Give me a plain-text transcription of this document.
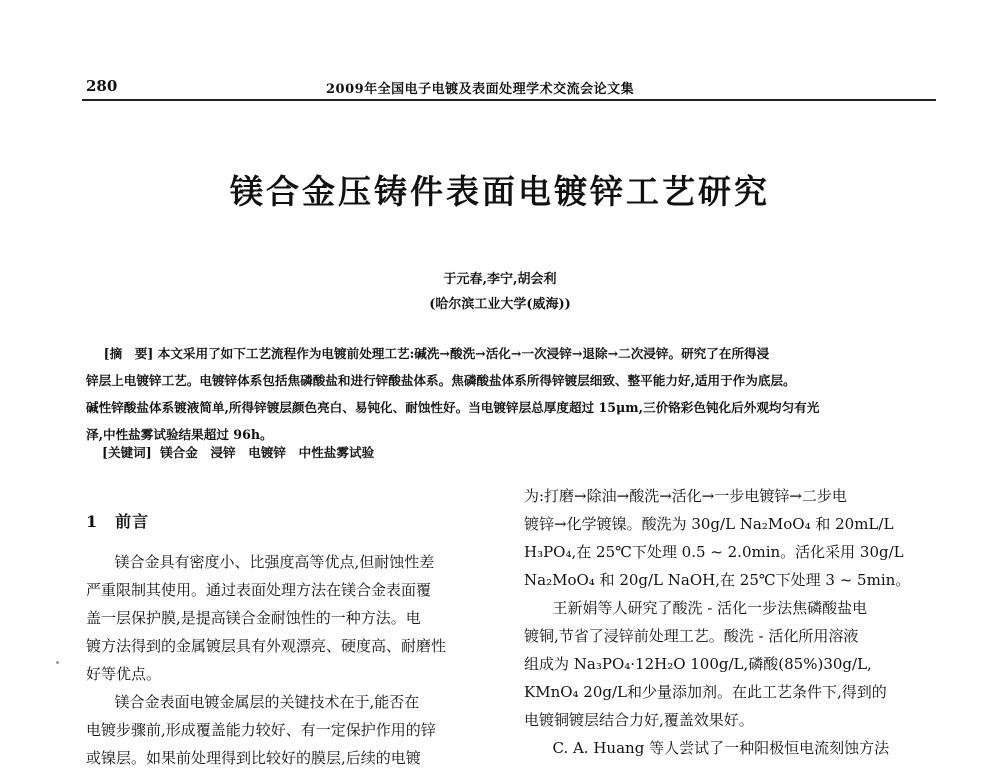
280	2009年全国电子电镀及表面处理学术交流会论文集
镁合金压铸件表面电镀锌工艺研究
于元春,李宁,胡会利
(哈尔滨工业大学(威海))
[摘　要] 本文采用了如下工艺流程作为电镀前处理工艺:碱洗→酸洗→活化→一次浸锌→退除→二次浸锌。研究了在所得浸
锌层上电镀锌工艺。电镀锌体系包括焦磷酸盐和进行锌酸盐体系。焦磷酸盐体系所得锌镀层细致、整平能力好,适用于作为底层。
碱性锌酸盐体系镀液简单,所得锌镀层颜色亮白、易钝化、耐蚀性好。当电镀锌层总厚度超过 15μm,三价铬彩色钝化后外观均匀有光
泽,中性盐雾试验结果超过 96h。
[关键词] 镁合金　浸锌　电镀锌　中性盐雾试验
1　前言

镁合金具有密度小、比强度高等优点,但耐蚀性差
严重限制其使用。通过表面处理方法在镁合金表面覆
盖一层保护膜,是提高镁合金耐蚀性的一种方法。电
镀方法得到的金属镀层具有外观漂亮、硬度高、耐磨性
好等优点。

镁合金表面电镀金属层的关键技术在于,能否在
电镀步骤前,形成覆盖能力较好、有一定保护作用的锌
或镍层。如果前处理得到比较好的膜层,后续的电镀

为:打磨→除油→酸洗→活化→一步电镀锌→二步电
镀锌→化学镀镍。酸洗为 30g/L Na₂MoO₄ 和 20mL/L
H₃PO₄,在 25℃下处理 0.5 ~ 2.0min。活化采用 30g/L
Na₂MoO₄ 和 20g/L NaOH,在 25℃下处理 3 ~ 5min。

王新娟等人研究了酸洗 - 活化一步法焦磷酸盐电
镀铜,节省了浸锌前处理工艺。酸洗 - 活化所用溶液
组成为 Na₃PO₄·12H₂O 100g/L,磷酸(85%)30g/L,
KMnO₄ 20g/L和少量添加剂。在此工艺条件下,得到的
电镀铜镀层结合力好,覆盖效果好。

C. A. Huang 等人尝试了一种阳极恒电流刻蚀方法
